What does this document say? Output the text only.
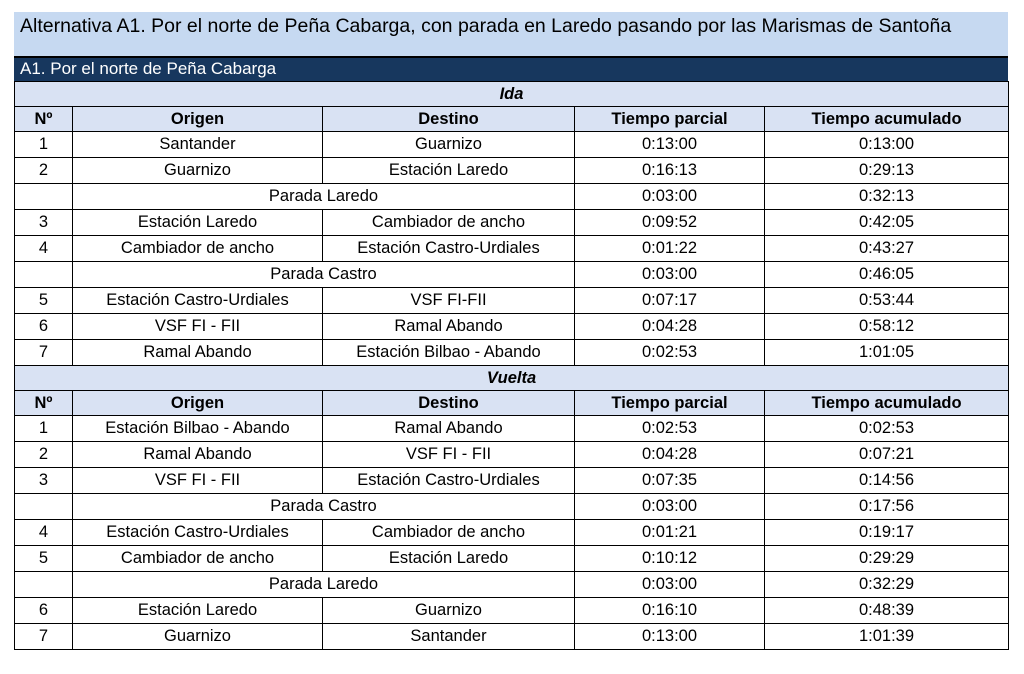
Alternativa A1. Por el norte de Peña Cabarga, con parada en Laredo pasando por las Marismas de Santoña
A1. Por el norte de Peña Cabarga
Ida				
Nº	Origen	Destino	Tiempo parcial	Tiempo acumulado
1	Santander	Guarnizo	0:13:00	0:13:00
2	Guarnizo	Estación Laredo	0:16:13	0:29:13
	Parada Laredo		0:03:00	0:32:13
3	Estación Laredo	Cambiador de ancho	0:09:52	0:42:05
4	Cambiador de ancho	Estación Castro-Urdiales	0:01:22	0:43:27
	Parada Castro		0:03:00	0:46:05
5	Estación Castro-Urdiales	VSF FI-FII	0:07:17	0:53:44
6	VSF FI - FII	Ramal Abando	0:04:28	0:58:12
7	Ramal Abando	Estación Bilbao - Abando	0:02:53	1:01:05
Vuelta				
Nº	Origen	Destino	Tiempo parcial	Tiempo acumulado
1	Estación Bilbao - Abando	Ramal Abando	0:02:53	0:02:53
2	Ramal Abando	VSF FI - FII	0:04:28	0:07:21
3	VSF FI - FII	Estación Castro-Urdiales	0:07:35	0:14:56
	Parada Castro		0:03:00	0:17:56
4	Estación Castro-Urdiales	Cambiador de ancho	0:01:21	0:19:17
5	Cambiador de ancho	Estación Laredo	0:10:12	0:29:29
	Parada Laredo		0:03:00	0:32:29
6	Estación Laredo	Guarnizo	0:16:10	0:48:39
7	Guarnizo	Santander	0:13:00	1:01:39
